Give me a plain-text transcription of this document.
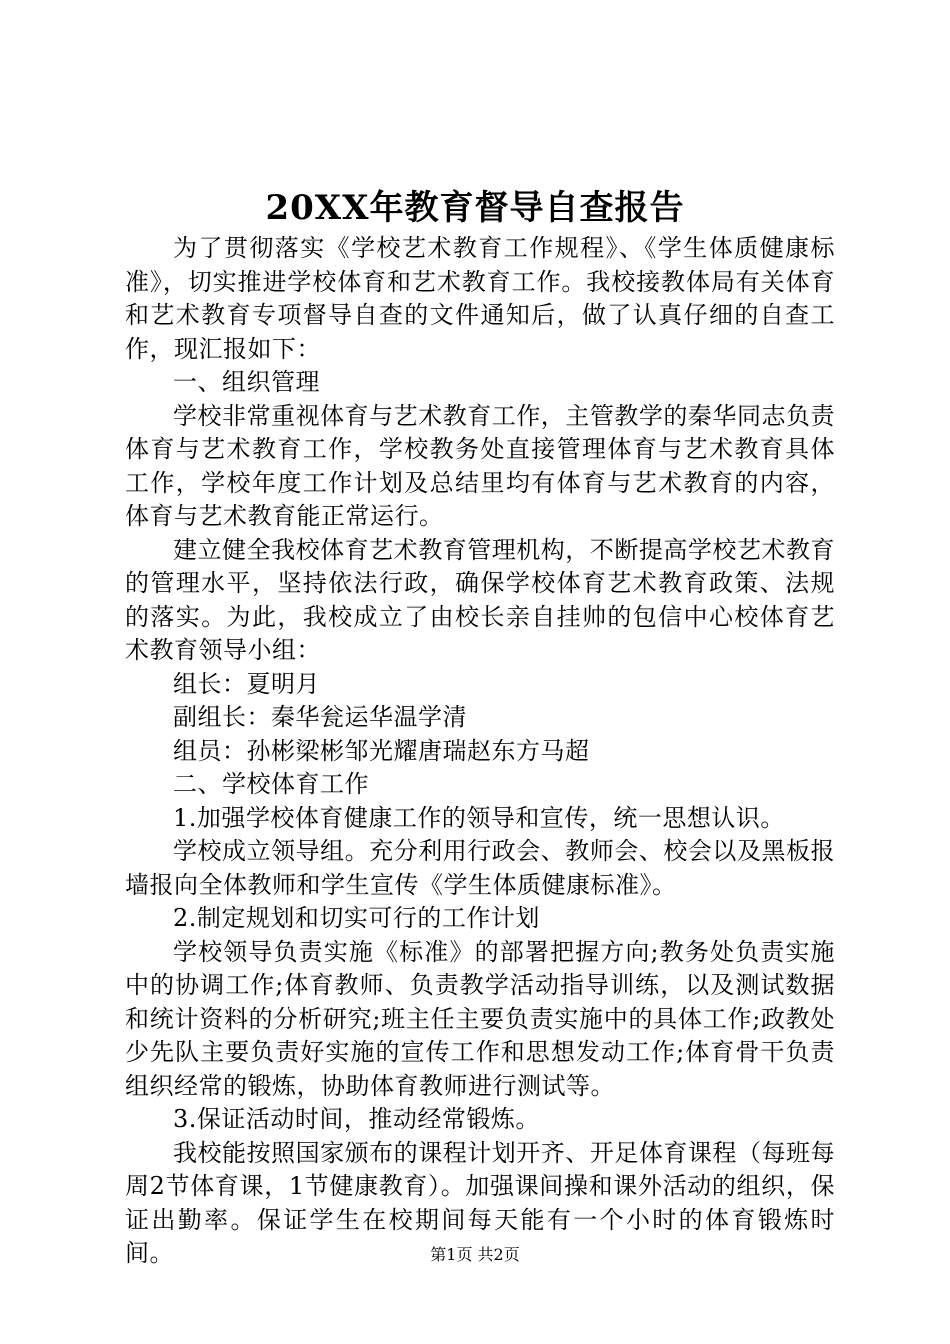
20XX年教育督导自查报告

为了贯彻落实《学校艺术教育工作规程》、《学生体质健康标准》，切实推进学校体育和艺术教育工作。我校接教体局有关体育和艺术教育专项督导自查的文件通知后，做了认真仔细的自查工作，现汇报如下：

一、组织管理

学校非常重视体育与艺术教育工作，主管教学的秦华同志负责体育与艺术教育工作，学校教务处直接管理体育与艺术教育具体工作，学校年度工作计划及总结里均有体育与艺术教育的内容，体育与艺术教育能正常运行。

建立健全我校体育艺术教育管理机构，不断提高学校艺术教育的管理水平，坚持依法行政，确保学校体育艺术教育政策、法规的落实。为此，我校成立了由校长亲自挂帅的包信中心校体育艺术教育领导小组：

组长：夏明月

副组长：秦华瓮运华温学清

组员：孙彬梁彬邹光耀唐瑞赵东方马超

二、学校体育工作

1.加强学校体育健康工作的领导和宣传，统一思想认识。

学校成立领导组。充分利用行政会、教师会、校会以及黑板报墙报向全体教师和学生宣传《学生体质健康标准》。

2.制定规划和切实可行的工作计划

学校领导负责实施《标准》的部署把握方向;教务处负责实施中的协调工作;体育教师、负责教学活动指导训练，以及测试数据和统计资料的分析研究;班主任主要负责实施中的具体工作;政教处少先队主要负责好实施的宣传工作和思想发动工作;体育骨干负责组织经常的锻炼，协助体育教师进行测试等。

3.保证活动时间，推动经常锻炼。

我校能按照国家颁布的课程计划开齐、开足体育课程（每班每周2节体育课，1节健康教育）。加强课间操和课外活动的组织，保证出勤率。保证学生在校期间每天能有一个小时的体育锻炼时间。	第1页 共2页
